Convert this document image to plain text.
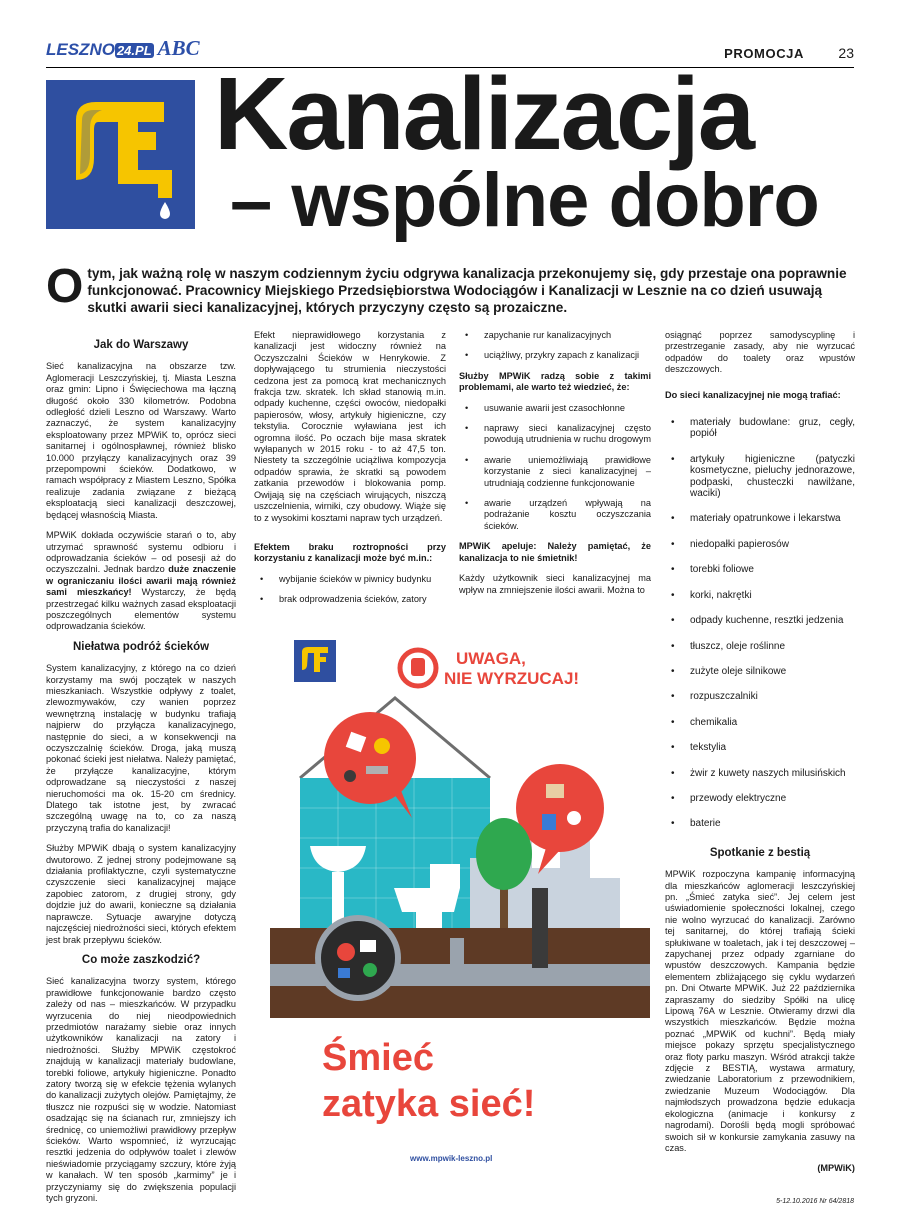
LESZNO 24.PL ABC	PROMOCJA 23
Kanalizacja
– wspólne dobro
O tym, jak ważną rolę w naszym codziennym życiu odgrywa kanalizacja przekonujemy się, gdy przestaje ona poprawnie funkcjonować. Pracownicy Miejskiego Przedsiębiorstwa Wodociągów i Kanalizacji w Lesznie na co dzień usuwają skutki awarii sieci kanalizacyjnej, których przyczyny często są prozaiczne.
Jak do Warszawy

Sieć kanalizacyjna na obszarze tzw. Aglomeracji Leszczyńskiej, tj. Miasta Leszna oraz gmin: Lipno i Święciechowa ma łączną długość około 330 kilometrów. Podobna odległość dzieli Leszno od Warszawy. Warto zaznaczyć, że system kanalizacyjny eksploatowany przez MPWiK to, oprócz sieci sanitarnej i ogólnospławnej, również blisko 10.000 przyłączy kanalizacyjnych oraz 39 przepompowni ścieków. Dodatkowo, w ramach współpracy z Miastem Leszno, Spółka realizuje zadania związane z bieżącą eksploatacją sieci kanalizacji deszczowej, będącej własnością Miasta.

MPWiK dokłada oczywiście starań o to, aby utrzymać sprawność systemu odbioru i odprowadzania ścieków – od posesji aż do oczyszczalni. Jednak bardzo duże znaczenie w ograniczaniu ilości awarii mają również sami mieszkańcy! Wystarczy, że będą przestrzegać kilku ważnych zasad eksploatacji poszczególnych elementów systemu odprowadzania ścieków.

Niełatwa podróż ścieków

System kanalizacyjny, z którego na co dzień korzystamy ma swój początek w naszych mieszkaniach. Wszystkie odpływy z toalet, zlewozmywaków, czy wanien poprzez wewnętrzną instalację w budynku trafiają najpierw do przyłącza kanalizacyjnego, następnie do sieci, a w konsekwencji na oczyszczalnię ścieków. Droga, jaką muszą pokonać ścieki jest niełatwa. Należy pamiętać, że przyłącze kanalizacyjne, którym odprowadzane są nieczystości z naszej nieruchomości ma ok. 15-20 cm średnicy. Dlatego tak istotne jest, by zwracać szczególną uwagę na to, co za naszą przyczyną trafia do kanalizacji!

Służby MPWiK dbają o system kanalizacyjny dwutorowo. Z jednej strony podejmowane są działania profilaktyczne, czyli systematyczne czyszczenie sieci kanalizacyjnej mające zapobiec zatorom, z drugiej strony, gdy dojdzie już do awarii, konieczne są działania naprawcze. Sytuacje awaryjne dotyczą najczęściej niedrożności sieci, których efektem jest brak przepływu ścieków.

Co może zaszkodzić?

Sieć kanalizacyjna tworzy system, którego prawidłowe funkcjonowanie bardzo często zależy od nas – mieszkańców. W przypadku wyrzucenia do niej nieodpowiednich przedmiotów narażamy siebie oraz innych użytkowników kanalizacji na zatory i niedrożności. Służby MPWiK częstokroć znajdują w kanalizacji materiały budowlane, torebki foliowe, artykuły higieniczne. Ponadto zatory tworzą się w efekcie tężenia wylanych do kanalizacji zużytych olejów. Pamiętajmy, że tłuszcz nie rozpuści się w wodzie. Natomiast osadzając się na ścianach rur, zmniejszy ich średnicę, co uniemożliwi prawidłowy przepływ ścieków. Warto wspomnieć, iż wyrzucając resztki jedzenia do odpływów toalet i zlewów nieświadomie przyciągamy szczury, które żyją w kanałach. W ten sposób „karmimy” je i przyczyniamy się do zwiększenia populacji tych gryzoni.

Efekt nieprawidłowego korzystania z kanalizacji jest widoczny również na Oczyszczalni Ścieków w Henrykowie. Z dopływającego tu strumienia nieczystości cedzona jest za pomocą krat mechanicznych frakcja tzw. skratek. Ich skład stanowią m.in. odpady kuchenne, części owoców, niedopałki papierosów, włosy, artykuły higieniczne, czy tekstylia. Corocznie wyławiana jest ich ogromna ilość. Po oczach bije masa skratek wyłapanych w 2015 roku - to aż 47,5 ton. Niestety ta szczególnie uciążliwa kompozycja odpadów sprawia, że skratki są powodem zatkania przewodów i blokowania pomp. Owijają się na częściach wirujących, niszczą uszczelnienia, wirniki, czy obudowy. Wiąże się to z wysokimi kosztami napraw tych urządzeń.

Efektem braku roztropności przy korzystaniu z kanalizacji może być m.in.:

• wybijanie ścieków w piwnicy budynku
• brak odprowadzenia ścieków, zatory
• zapychanie rur kanalizacyjnych
• uciążliwy, przykry zapach z kanalizacji

Służby MPWiK radzą sobie z takimi problemami, ale warto też wiedzieć, że:

• usuwanie awarii jest czasochłonne
• naprawy sieci kanalizacyjnej często powodują utrudnienia w ruchu drogowym
• awarie uniemożliwiają prawidłowe korzystanie z sieci kanalizacyjnej – utrudniają codzienne funkcjonowanie
• awarie urządzeń wpływają na podrażanie kosztu oczyszczania ścieków.

MPWiK apeluje: Należy pamiętać, że kanalizacja to nie śmietnik!

Każdy użytkownik sieci kanalizacyjnej ma wpływ na zmniejszenie ilości awarii. Można to

osiągnąć poprzez samodyscyplinę i przestrzeganie zasady, aby nie wyrzucać odpadów do toalety oraz wpustów deszczowych.

Do sieci kanalizacyjnej nie mogą trafiać:

• materiały budowlane: gruz, cegły, popiół
• artykuły higieniczne (patyczki kosmetyczne, pieluchy jednorazowe, podpaski, chusteczki nawilżane, waciki)
• materiały opatrunkowe i lekarstwa
• niedopałki papierosów
• torebki foliowe
• korki, nakrętki
• odpady kuchenne, resztki jedzenia
• tłuszcz, oleje roślinne
• zużyte oleje silnikowe
• rozpuszczalniki
• chemikalia
• tekstylia
• żwir z kuwety naszych milusińskich
• przewody elektryczne
• baterie
Spotkanie z bestią

MPWiK rozpoczyna kampanię informacyjną dla mieszkańców aglomeracji leszczyńskiej pn. „Śmieć zatyka sieć”. Jej celem jest uświadomienie społeczności lokalnej, czego nie wolno wyrzucać do kanalizacji. Zarówno tej sanitarnej, do której trafiają ścieki spłukiwane w toaletach, jak i tej deszczowej – zapychanej przez odpady zgarniane do wpustów deszczowych. Kampania będzie elementem zbliżającego się cyklu wydarzeń pn. Dni Otwarte MPWiK. Już 22 października zapraszamy do siedziby Spółki na ulicę Lipową 76A w Lesznie. Otwieramy drzwi dla wszystkich mieszkańców. Będzie można poznać „MPWiK od kuchni”. Będą miały miejsce pokazy sprzętu specjalistycznego oraz floty parku maszyn. Wśród atrakcji także zdjęcie z BESTIĄ, wystawa armatury, zwiedzanie Laboratorium z przewodnikiem, zwiedzanie Muzeum Wodociągów. Dla najmłodszych prowadzona będzie edukacja ekologiczna (animacje i konkursy z nagrodami). Dorośli będą mogli spróbować swoich sił w konkursie zamykania zasuwy na czas.

(MPWiK)

UWAGA,
NIE WYRZUCAJ!
Śmieć
zatyka sieć!
www.mpwik-leszno.pl
5-12.10.2016 Nr 64/2818
